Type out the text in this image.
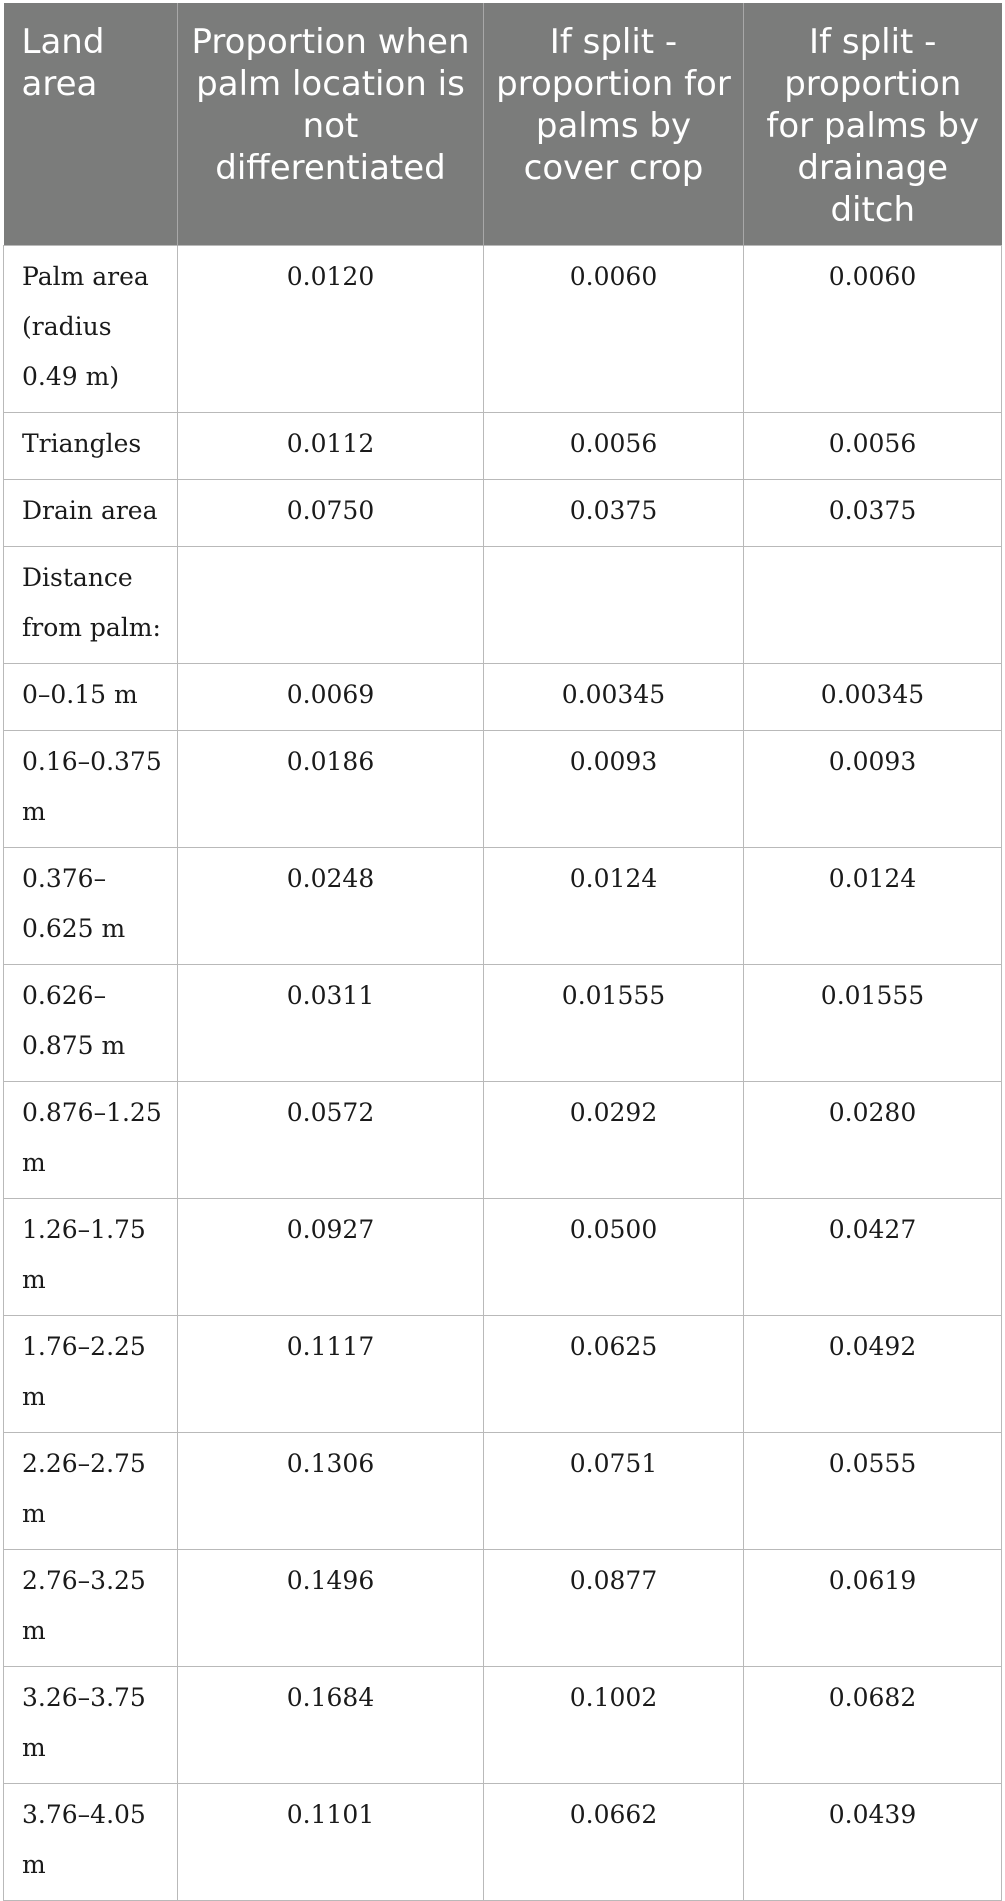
Land area	Proportion when palm location is not differentiated	If split - proportion for palms by cover crop	If split - proportion for palms by drainage ditch
Palm area (radius 0.49 m)	0.0120	0.0060	0.0060
Triangles	0.0112	0.0056	0.0056
Drain area	0.0750	0.0375	0.0375
Distance from palm:			
0–0.15 m	0.0069	0.00345	0.00345
0.16–0.375 m	0.0186	0.0093	0.0093
0.376–0.625 m	0.0248	0.0124	0.0124
0.626–0.875 m	0.0311	0.01555	0.01555
0.876–1.25 m	0.0572	0.0292	0.0280
1.26–1.75 m	0.0927	0.0500	0.0427
1.76–2.25 m	0.1117	0.0625	0.0492
2.26–2.75 m	0.1306	0.0751	0.0555
2.76–3.25 m	0.1496	0.0877	0.0619
3.26–3.75 m	0.1684	0.1002	0.0682
3.76–4.05 m	0.1101	0.0662	0.0439
